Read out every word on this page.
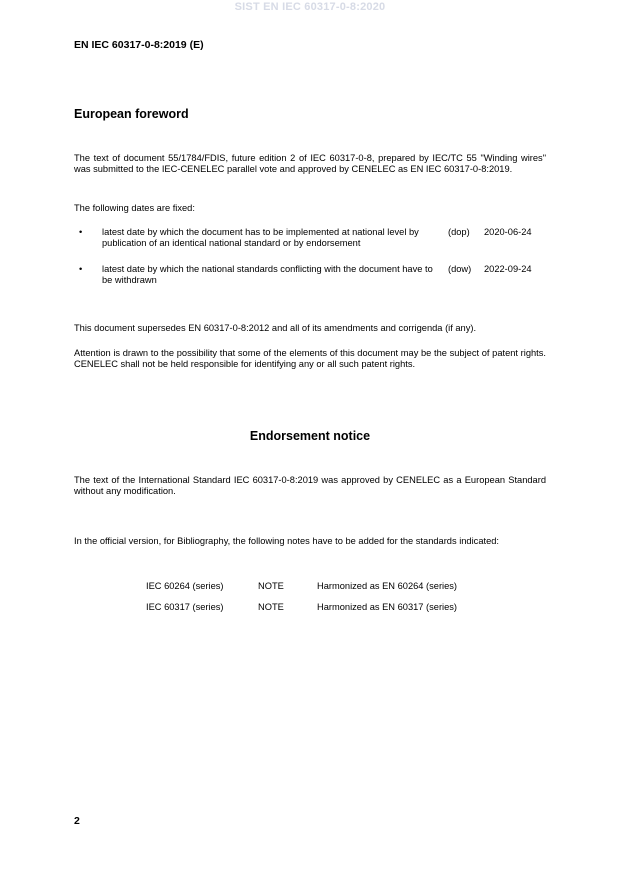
SIST EN IEC 60317-0-8:2020
EN IEC 60317-0-8:2019 (E)
European foreword

The text of document 55/1784/FDIS, future edition 2 of IEC 60317-0-8, prepared by IEC/TC 55 "Winding wires" was submitted to the IEC-CENELEC parallel vote and approved by CENELEC as EN IEC 60317-0-8:2019.

The following dates are fixed:

• latest date by which the document has to be implemented at national level by publication of an identical national standard or by endorsement
(dop) 2020-06-24
• latest date by which the national standards conflicting with the document have to be withdrawn
(dow) 2022-09-24

This document supersedes EN 60317-0-8:2012 and all of its amendments and corrigenda (if any).

Attention is drawn to the possibility that some of the elements of this document may be the subject of patent rights. CENELEC shall not be held responsible for identifying any or all such patent rights.

Endorsement notice

The text of the International Standard IEC 60317-0-8:2019 was approved by CENELEC as a European Standard without any modification.

In the official version, for Bibliography, the following notes have to be added for the standards indicated:

IEC 60264 (series)	NOTE	Harmonized as EN 60264 (series)
IEC 60317 (series)	NOTE	Harmonized as EN 60317 (series)
2
